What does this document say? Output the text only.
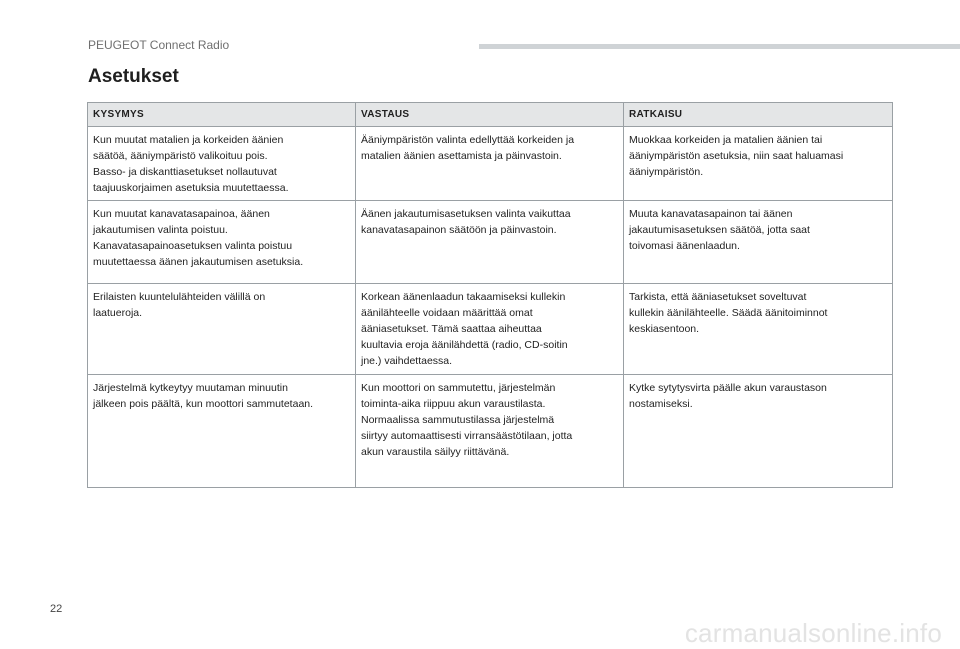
PEUGEOT Connect Radio
Asetukset
KYSYMYS	VASTAUS	RATKAISU

Kun muutat matalien ja korkeiden äänien
säätöä, ääniympäristö valikoituu pois.
Basso- ja diskanttiasetukset nollautuvat
taajuuskorjaimen asetuksia muutettaessa.	Ääniympäristön valinta edellyttää korkeiden ja
matalien äänien asettamista ja päinvastoin.	Muokkaa korkeiden ja matalien äänien tai
ääniympäristön asetuksia, niin saat haluamasi
ääniympäristön.

Kun muutat kanavatasapainoa, äänen
jakautumisen valinta poistuu.
Kanavatasapainoasetuksen valinta poistuu
muutettaessa äänen jakautumisen asetuksia.	Äänen jakautumisasetuksen valinta vaikuttaa
kanavatasapainon säätöön ja päinvastoin.	Muuta kanavatasapainon tai äänen
jakautumisasetuksen säätöä, jotta saat
toivomasi äänenlaadun.

Erilaisten kuuntelulähteiden välillä on
laatueroja.	Korkean äänenlaadun takaamiseksi kullekin
äänilähteelle voidaan määrittää omat
ääniasetukset. Tämä saattaa aiheuttaa
kuultavia eroja äänilähdettä (radio, CD-soitin
jne.) vaihdettaessa.	Tarkista, että ääniasetukset soveltuvat
kullekin äänilähteelle. Säädä äänitoiminnot
keskiasentoon.

Järjestelmä kytkeytyy muutaman minuutin
jälkeen pois päältä, kun moottori sammutetaan.	Kun moottori on sammutettu, järjestelmän
toiminta-aika riippuu akun varaustilasta.
Normaalissa sammutustilassa järjestelmä
siirtyy automaattisesti virransäästötilaan, jotta
akun varaustila säilyy riittävänä.	Kytke sytytysvirta päälle akun varaustason
nostamiseksi.
22
carmanualsonline.info
